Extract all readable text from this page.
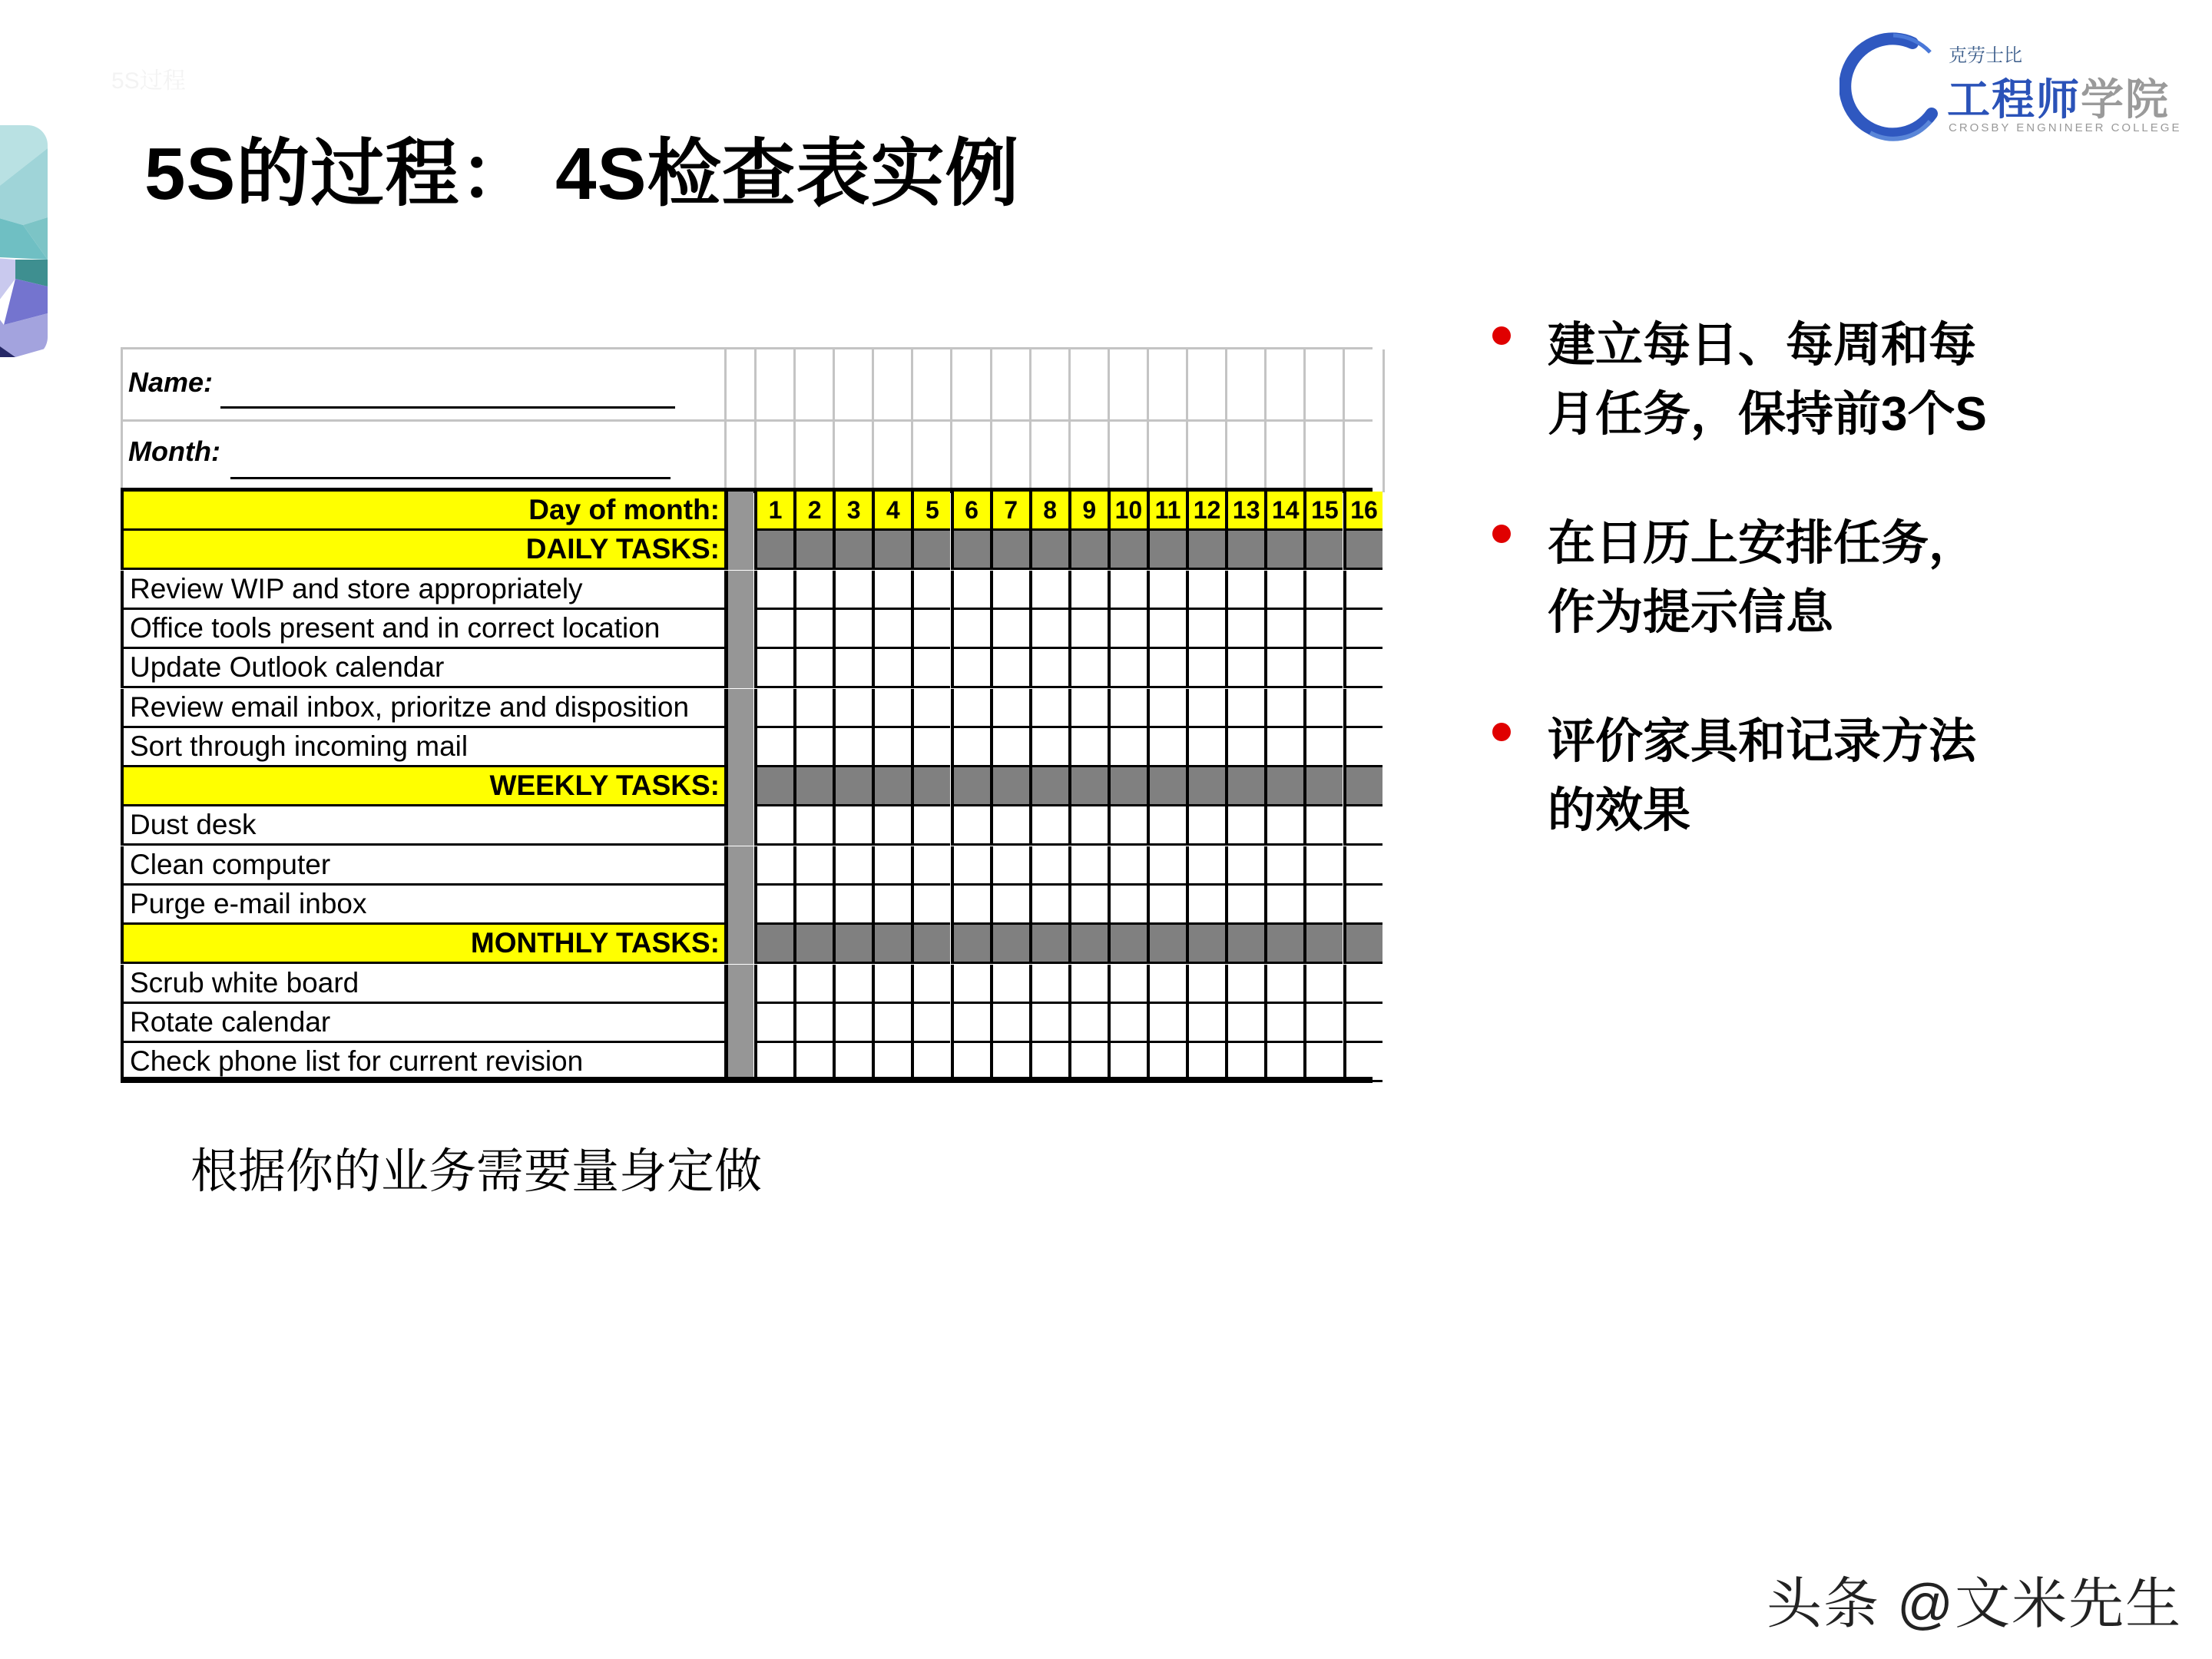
5S过程
5S的过程： 4S检查表实例
克劳士比
工程师学院
CROSBY ENGNINEER COLLEGE
Name:
Month:
Day of month:	1	2	3	4	5	6	7	8	9 10 11 12 13 14 15 16
DAILY TASKS:
Review WIP and store appropriately
Office tools present and in correct location
Update Outlook calendar
Review email inbox, prioritze and disposition
Sort through incoming mail
WEEKLY TASKS:
Dust desk
Clean computer
Purge e-mail inbox
MONTHLY TASKS:
Scrub white board
Rotate calendar
Check phone list for current revision
建立每日、每周和每
月任务，保持前3个S
在日历上安排任务，
作为提示信息
评价家具和记录方法
的效果
根据你的业务需要量身定做
头条 @文米先生
